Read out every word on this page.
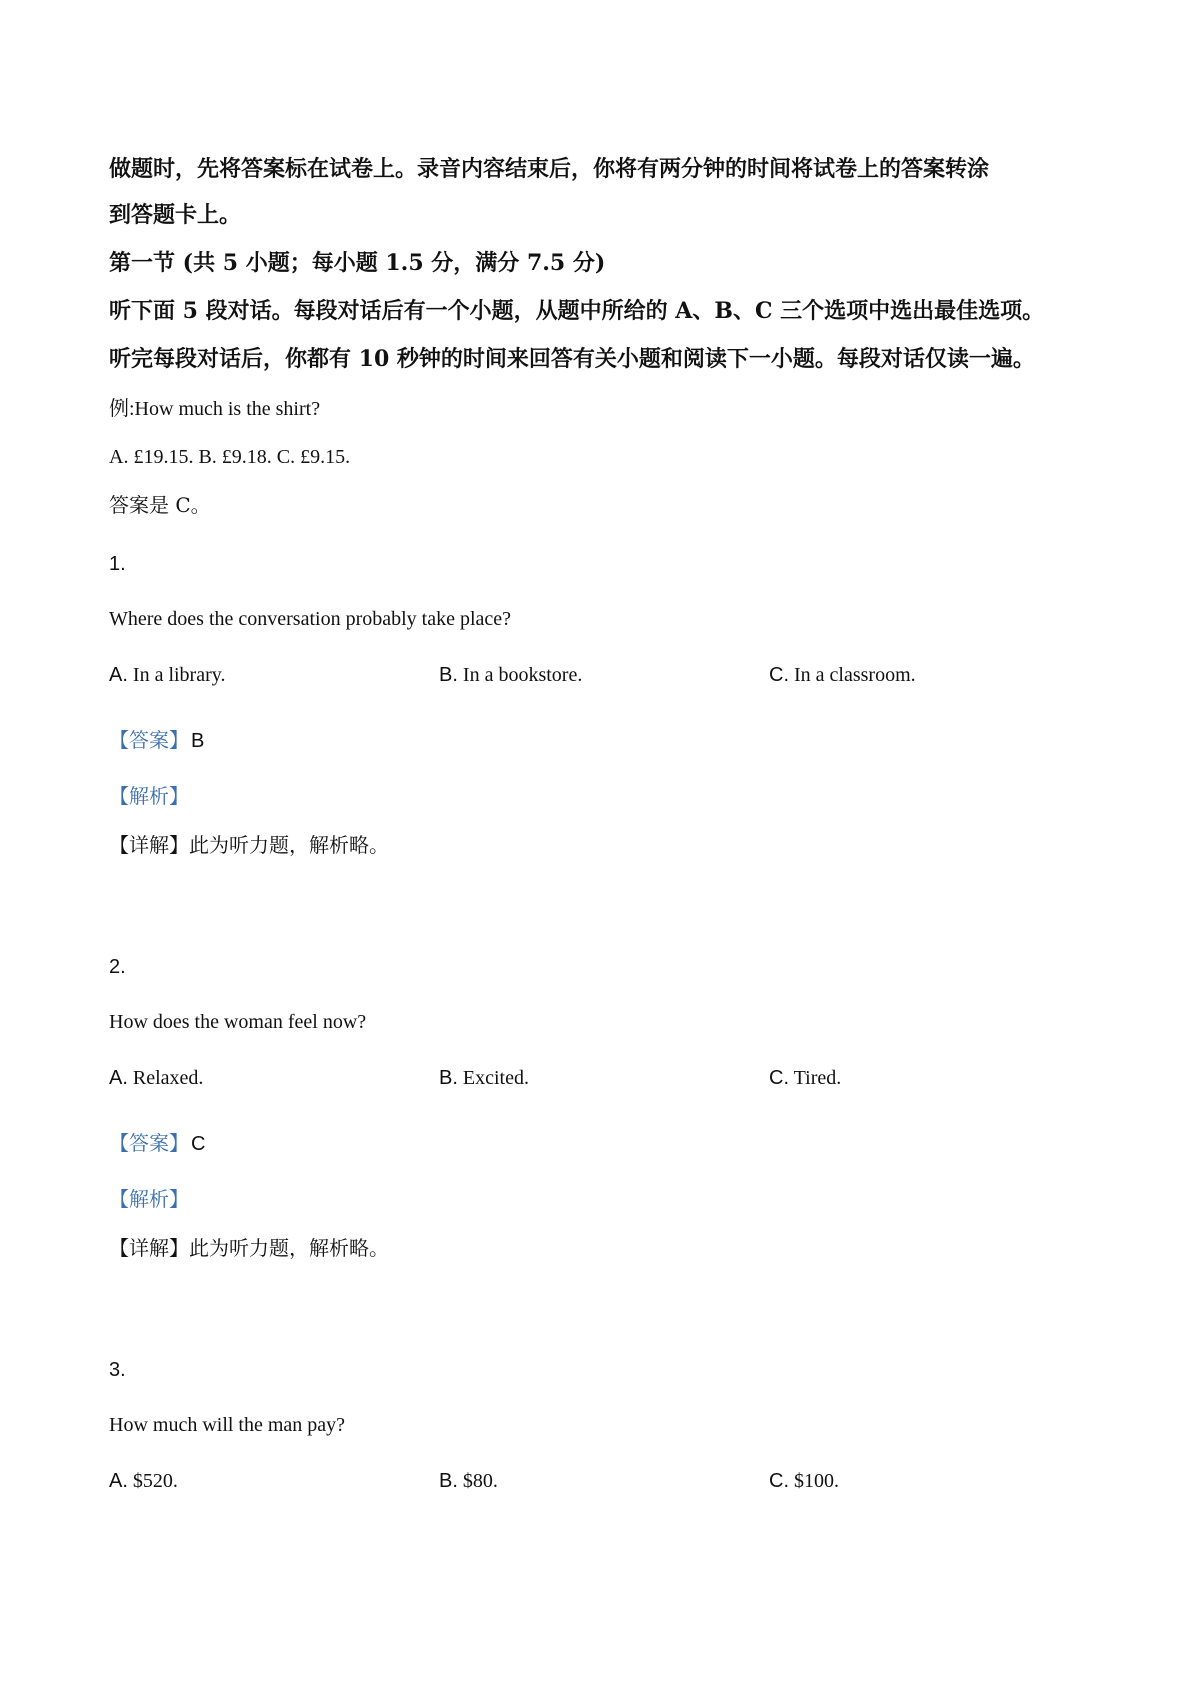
做题时，先将答案标在试卷上。录音内容结束后，你将有两分钟的时间将试卷上的答案转涂
到答题卡上。
第一节 (共 5 小题；每小题 1.5 分，满分 7.5 分)
听下面 5 段对话。每段对话后有一个小题，从题中所给的 A、B、C 三个选项中选出最佳选项。
听完每段对话后，你都有 10 秒钟的时间来回答有关小题和阅读下一小题。每段对话仅读一遍。
例:How much is the shirt?
A. £19.15. B. £9.18. C. £9.15.
答案是 C。
1.
Where does the conversation probably take place?
A. In a library.	B. In a bookstore.	C. In a classroom.
【答案】 B
【解析】
【详解】此为听力题，解析略。
2.
How does the woman feel now?
A. Relaxed.	B. Excited.	C. Tired.
【答案】 C
【解析】
【详解】此为听力题，解析略。
3.
How much will the man pay?
A. $520.	B. $80.	C. $100.
